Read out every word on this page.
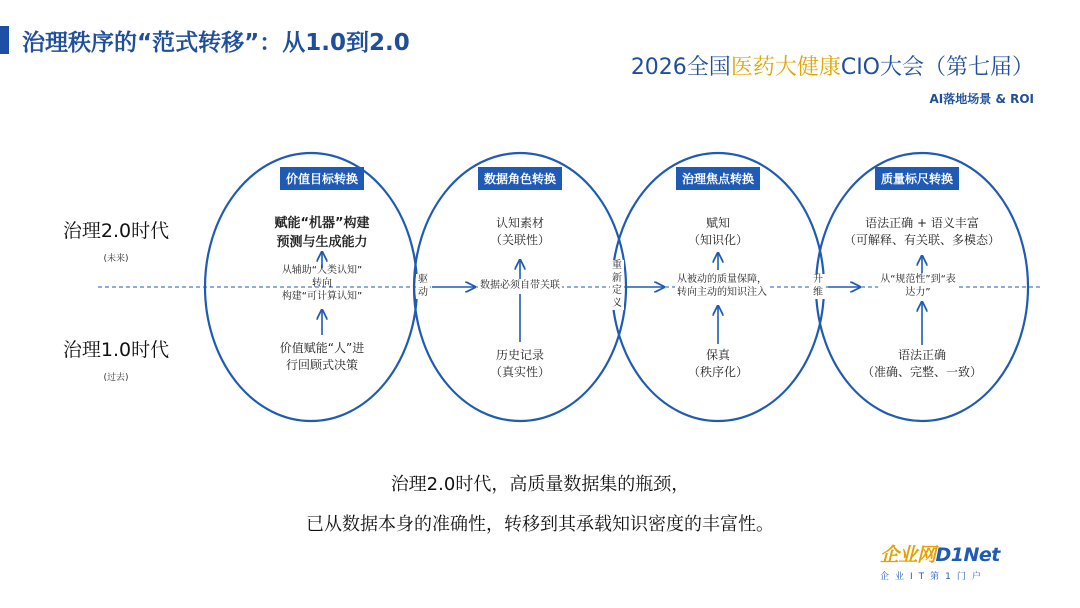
治理秩序的“范式转移”：从1.0到2.0
2026全国医药大健康CIO大会（第七届）
AI落地场景 & ROI
治理2.0时代
(未来)
治理1.0时代
(过去)
价值目标转换
赋能“机器”构建
预测与生成能力
从辅助“人类认知”
转向
构建“可计算认知”
价值赋能“人”进
行回顾式决策
数据角色转换
认知素材
（关联性）
数据必须自带关联
历史记录
（真实性）
治理焦点转换
赋知
（知识化）
从被动的质量保障，
转向主动的知识注入
保真
（秩序化）
质量标尺转换
语法正确 + 语义丰富
（可解释、有关联、多模态）
从“规范性”到“表
达力”
语法正确
（准确、完整、一致）
驱动
重新定义
升维
治理2.0时代，高质量数据集的瓶颈，
已从数据本身的准确性，转移到其承载知识密度的丰富性。
企业网D1Net
企业IT第1门户
